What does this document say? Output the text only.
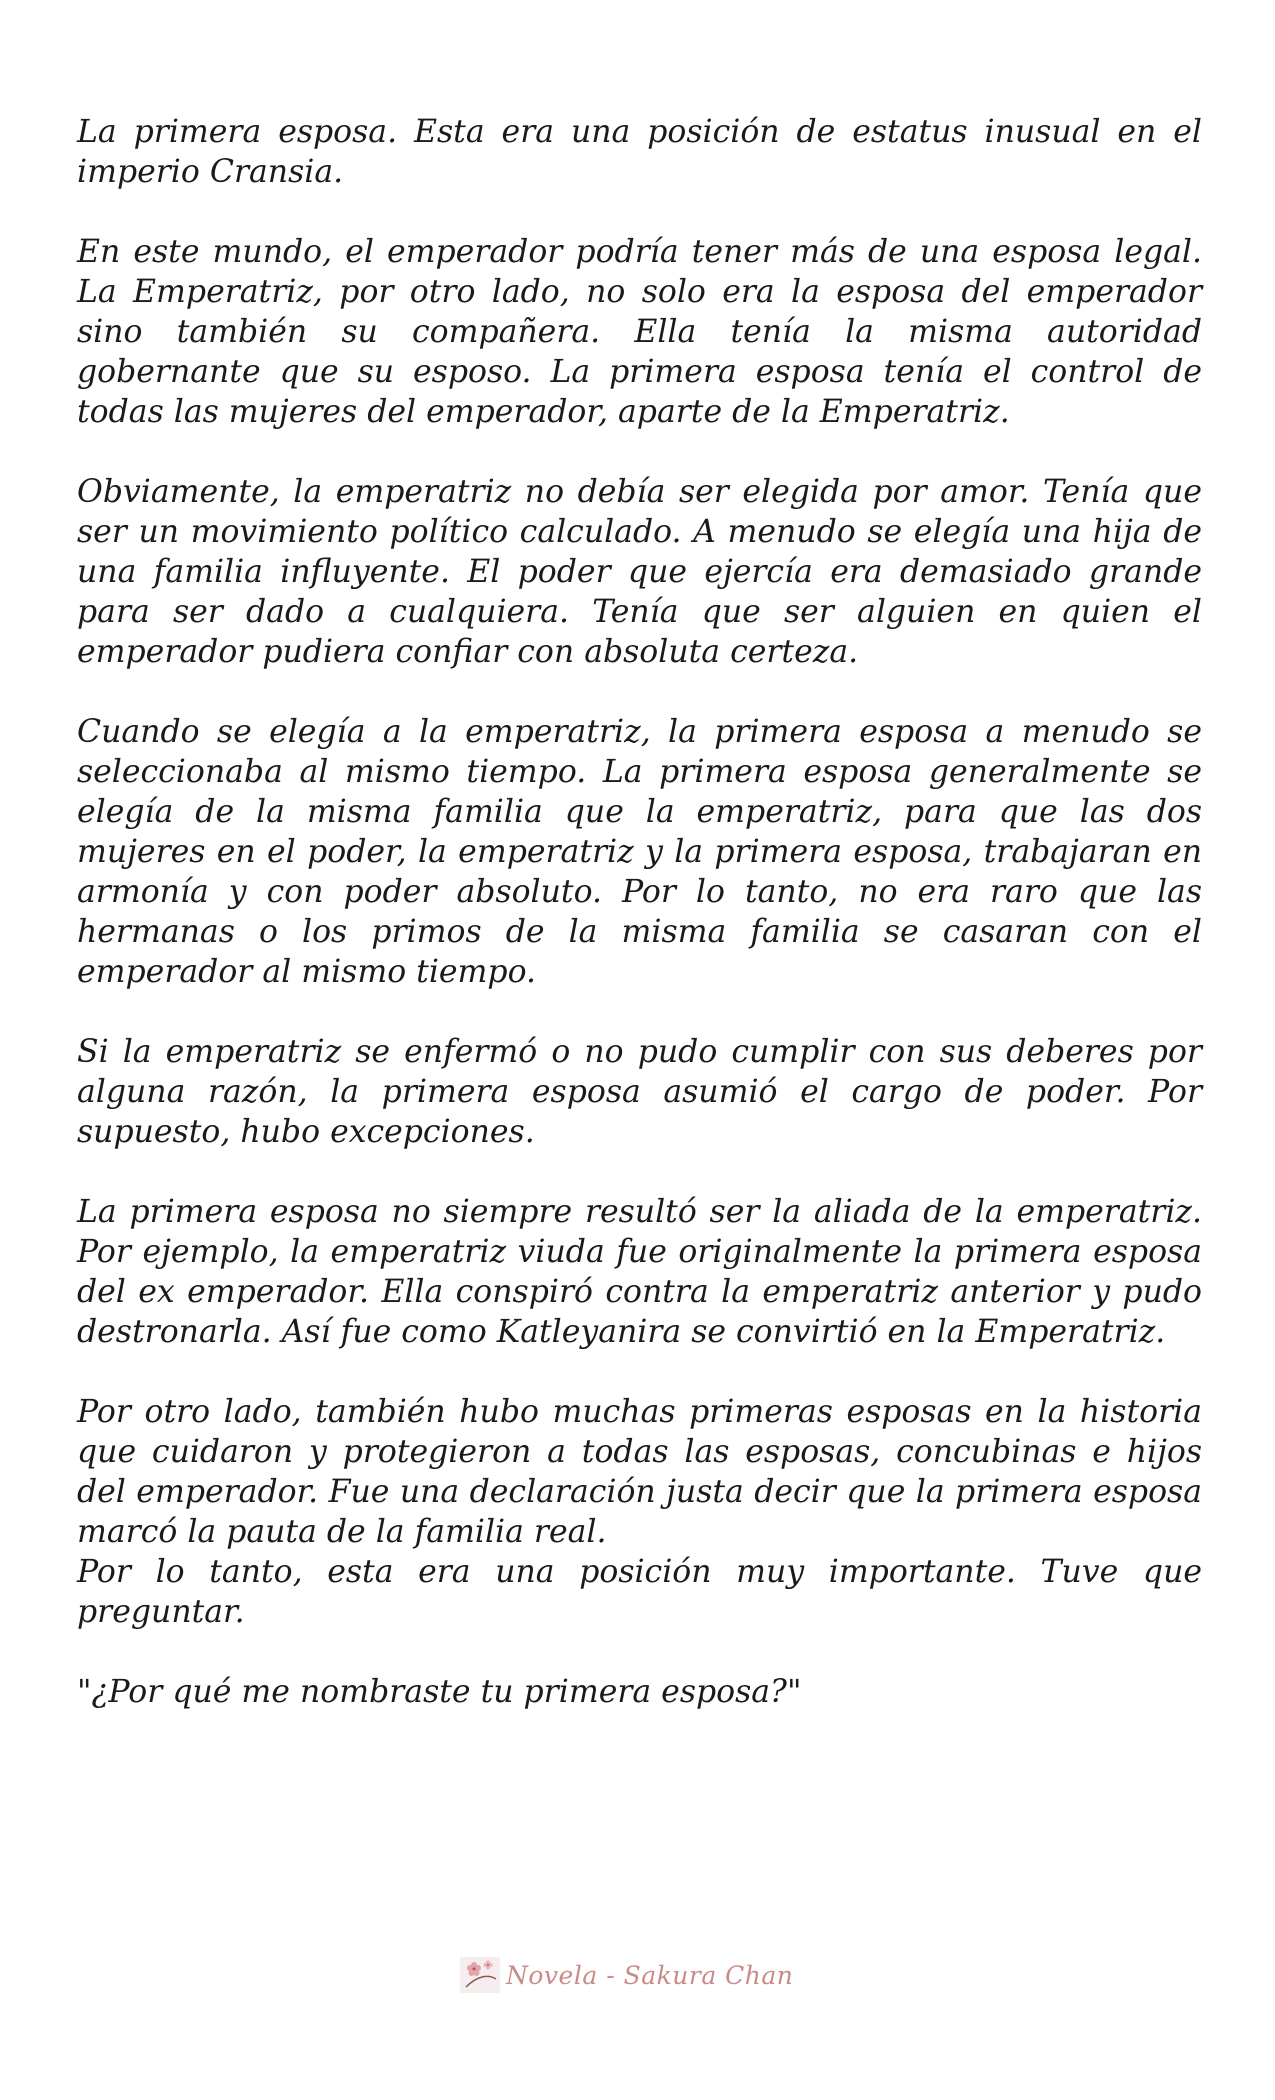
La primera esposa. Esta era una posición de estatus inusual en el imperio Cransia.

En este mundo, el emperador podría tener más de una esposa legal. La Emperatriz, por otro lado, no solo era la esposa del emperador sino también su compañera. Ella tenía la misma autoridad gobernante que su esposo. La primera esposa tenía el control de todas las mujeres del emperador, aparte de la Emperatriz.

Obviamente, la emperatriz no debía ser elegida por amor. Tenía que ser un movimiento político calculado. A menudo se elegía una hija de una familia influyente. El poder que ejercía era demasiado grande para ser dado a cualquiera. Tenía que ser alguien en quien el emperador pudiera confiar con absoluta certeza.

Cuando se elegía a la emperatriz, la primera esposa a menudo se seleccionaba al mismo tiempo. La primera esposa generalmente se elegía de la misma familia que la emperatriz, para que las dos mujeres en el poder, la emperatriz y la primera esposa, trabajaran en armonía y con poder absoluto. Por lo tanto, no era raro que las hermanas o los primos de la misma familia se casaran con el emperador al mismo tiempo.

Si la emperatriz se enfermó o no pudo cumplir con sus deberes por alguna razón, la primera esposa asumió el cargo de poder. Por supuesto, hubo excepciones.

La primera esposa no siempre resultó ser la aliada de la emperatriz. Por ejemplo, la emperatriz viuda fue originalmente la primera esposa del ex emperador. Ella conspiró contra la emperatriz anterior y pudo destronarla. Así fue como Katleyanira se convirtió en la Emperatriz.

Por otro lado, también hubo muchas primeras esposas en la historia que cuidaron y protegieron a todas las esposas, concubinas e hijos del emperador. Fue una declaración justa decir que la primera esposa marcó la pauta de la familia real.

Por lo tanto, esta era una posición muy importante. Tuve que preguntar.

"¿Por qué me nombraste tu primera esposa?"

Novela - Sakura Chan
